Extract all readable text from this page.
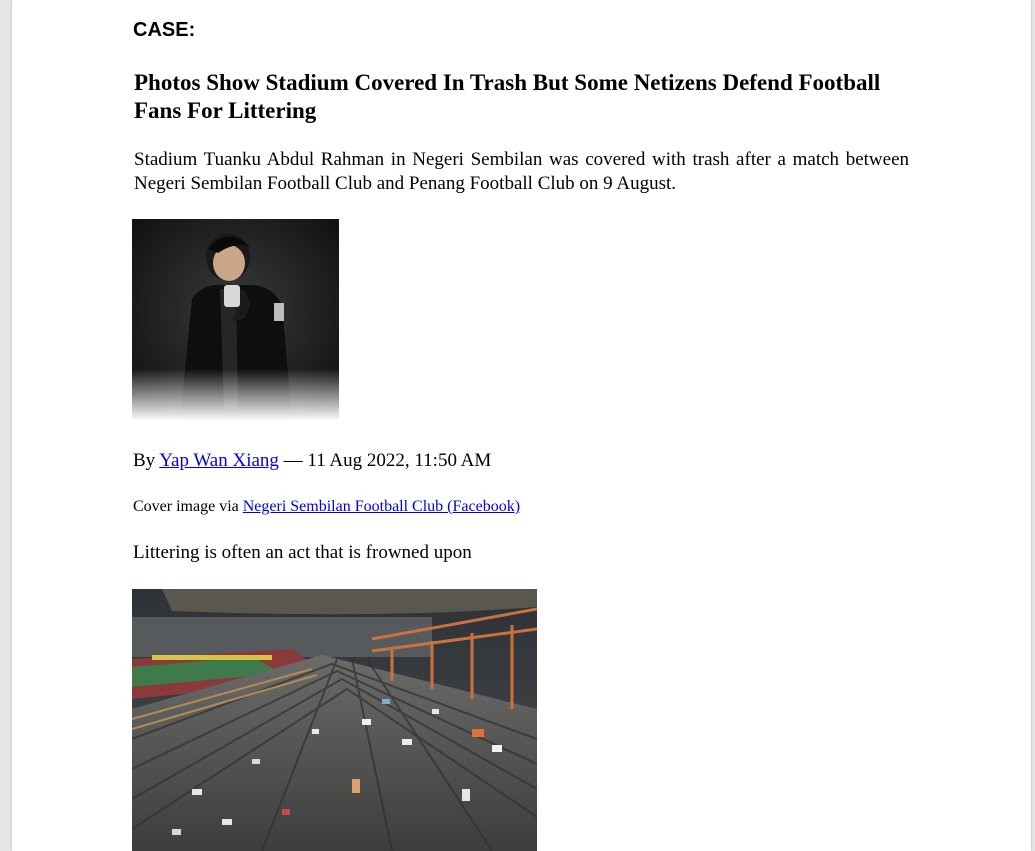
CASE:
Photos Show Stadium Covered In Trash But Some Netizens Defend Football Fans For Littering

Stadium Tuanku Abdul Rahman in Negeri Sembilan was covered with trash after a match between Negeri Sembilan Football Club and Penang Football Club on 9 August.

By Yap Wan Xiang — 11 Aug 2022, 11:50 AM
Cover image via Negeri Sembilan Football Club (Facebook)
Littering is often an act that is frowned upon
